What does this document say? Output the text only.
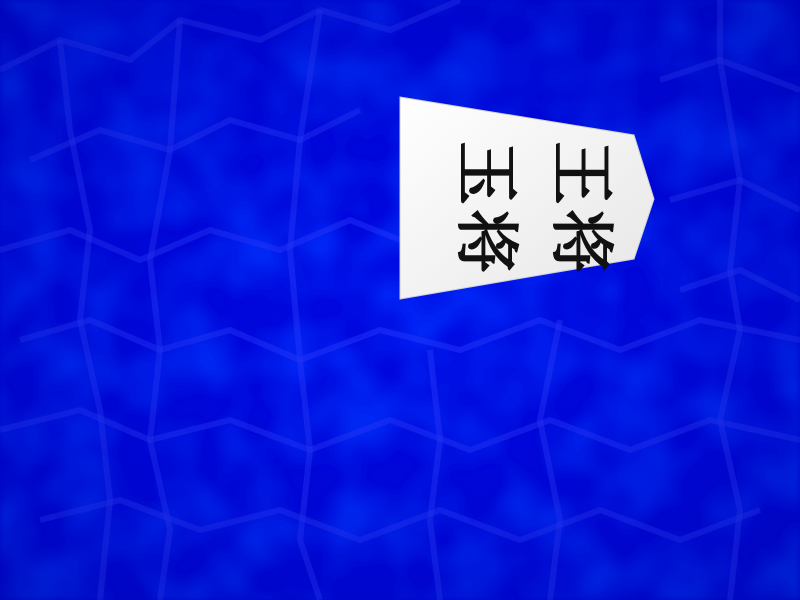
王
将
玉
将
